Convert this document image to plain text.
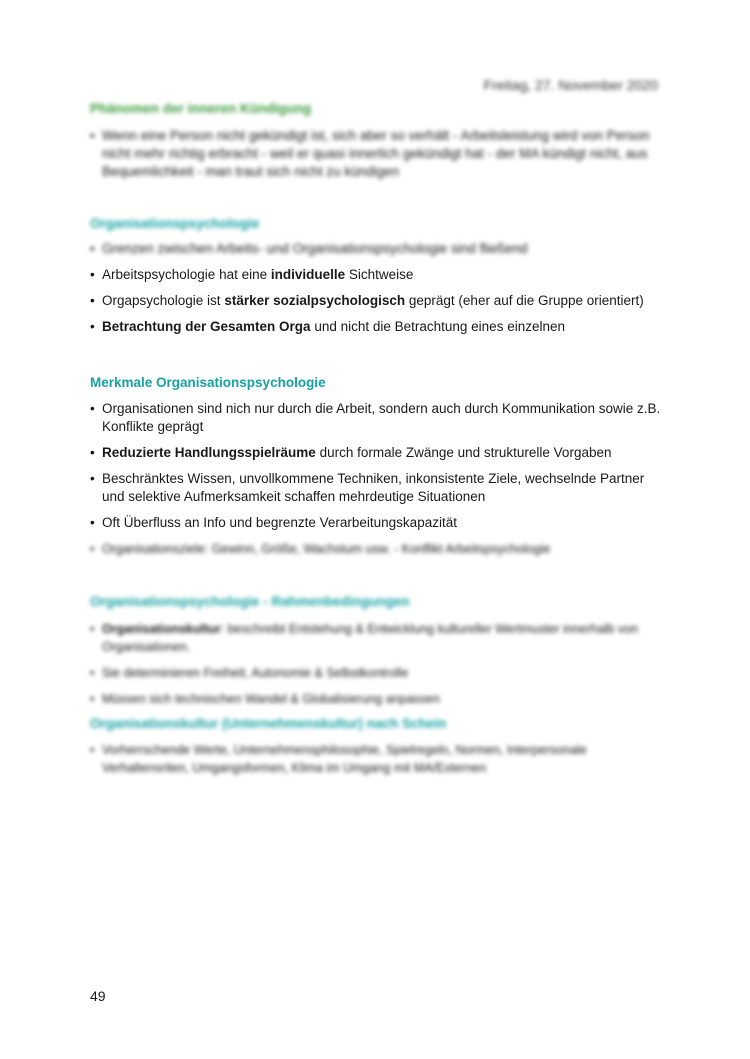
Freitag, 27. November 2020
Phänomen der inneren Kündigung
• Wenn eine Person nicht gekündigt ist, sich aber so verhält - Arbeitsleistung wird von Person nicht mehr richtig erbracht - weil er quasi innerlich gekündigt hat - der MA kündigt nicht, aus Bequemlichkeit - man traut sich nicht zu kündigen
Organisationspsychologie
• Grenzen zwischen Arbeits- und Organisationspsychologie sind fließend
• Arbeitspsychologie hat eine individuelle Sichtweise
• Orgapsychologie ist stärker sozialpsychologisch geprägt (eher auf die Gruppe orientiert)
• Betrachtung der Gesamten Orga und nicht die Betrachtung eines einzelnen
Merkmale Organisationspsychologie
• Organisationen sind nich nur durch die Arbeit, sondern auch durch Kommunikation sowie z.B. Konflikte geprägt
• Reduzierte Handlungsspielräume durch formale Zwänge und strukturelle Vorgaben
• Beschränktes Wissen, unvollkommene Techniken, inkonsistente Ziele, wechselnde Partner und selektive Aufmerksamkeit schaffen mehrdeutige Situationen
• Oft Überfluss an Info und begrenzte Verarbeitungskapazität
• Organisationsziele: Gewinn, Größe, Wachstum usw. - Konflikt Arbeitspsychologie
Organisationspsychologie - Rahmenbedingungen
• Organisationskultur: beschreibt Entstehung & Entwicklung kultureller Wertmuster innerhalb von Organisationen.
• Sie determinieren Freiheit, Autonomie & Selbstkontrolle
• Müssen sich technischen Wandel & Globalisierung anpassen
Organisationskultur (Unternehmenskultur) nach Schein
• Vorherrschende Werte, Unternehmensphilosophie, Spielregeln, Normen, Interpersonale Verhaltensriten, Umgangsformen, Klima im Umgang mit MA/Externen
49
